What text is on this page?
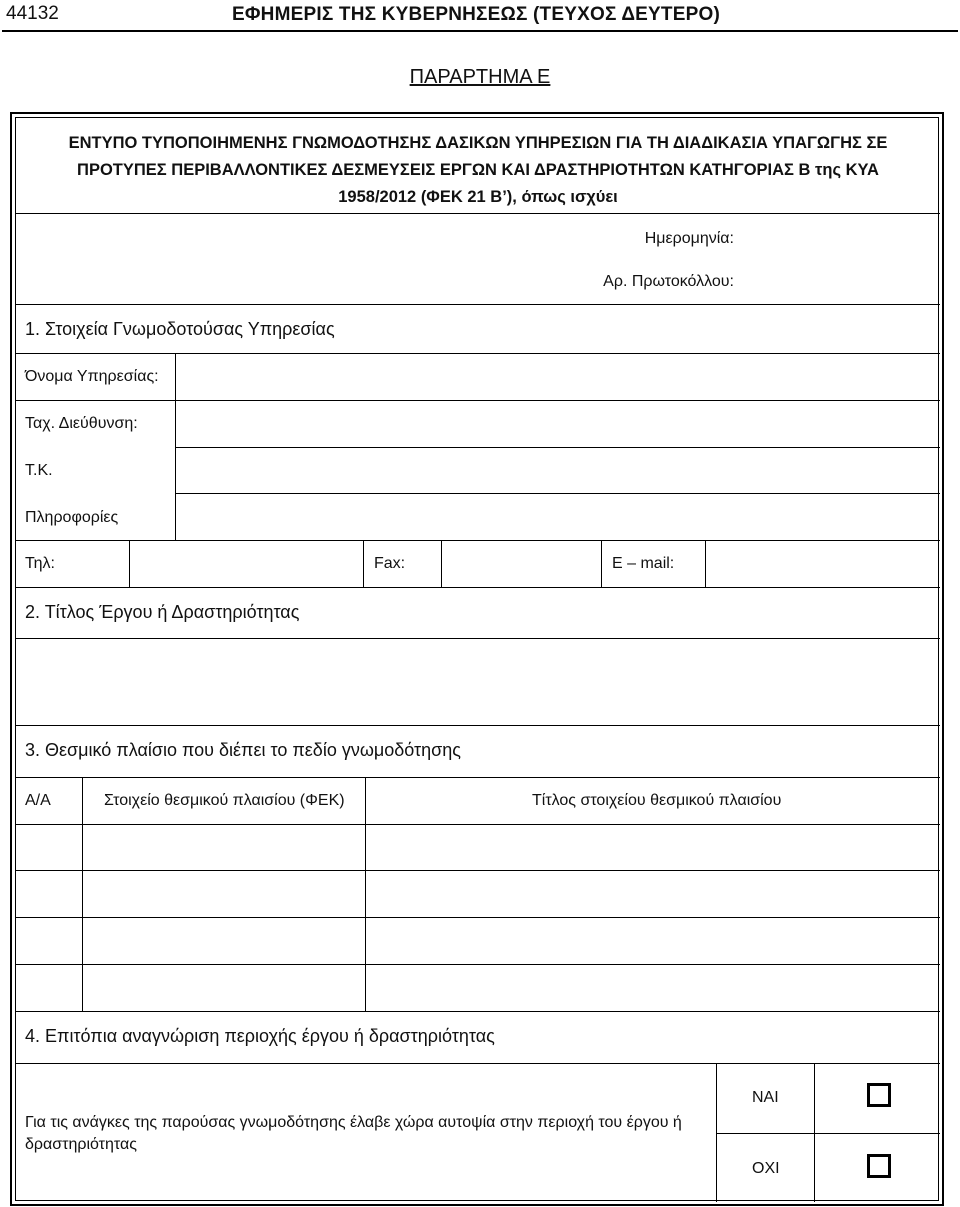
44132	ΕΦΗΜΕΡΙΣ ΤΗΣ ΚΥΒΕΡΝΗΣΕΩΣ (ΤΕΥΧΟΣ ΔΕΥΤΕΡΟ)
ΠΑΡΑΡΤΗΜΑ Ε
ΕΝΤΥΠΟ ΤΥΠΟΠΟΙΗΜΕΝΗΣ ΓΝΩΜΟΔΟΤΗΣΗΣ ΔΑΣΙΚΩΝ ΥΠΗΡΕΣΙΩΝ ΓΙΑ ΤΗ ΔΙΑΔΙΚΑΣΙΑ ΥΠΑΓΩΓΗΣ ΣΕ
ΠΡΟΤΥΠΕΣ ΠΕΡΙΒΑΛΛΟΝΤΙΚΕΣ ΔΕΣΜΕΥΣΕΙΣ ΕΡΓΩΝ ΚΑΙ ΔΡΑΣΤΗΡΙΟΤΗΤΩΝ ΚΑΤΗΓΟΡΙΑΣ Β της ΚΥΑ
1958/2012 (ΦΕΚ 21 Β’), όπως ισχύει
Ημερομηνία:
Αρ. Πρωτοκόλλου:
1. Στοιχεία Γνωμοδοτούσας Υπηρεσίας
Όνομα Υπηρεσίας:
Ταχ. Διεύθυνση:
Τ.Κ.
Πληροφορίες
Τηλ:	Fax:	Ε – mail:
2. Τίτλος Έργου ή Δραστηριότητας
3. Θεσμικό πλαίσιο που διέπει το πεδίο γνωμοδότησης
Α/Α	Στοιχείο θεσμικού πλαισίου (ΦΕΚ)	Τίτλος στοιχείου θεσμικού πλαισίου
4. Επιτόπια αναγνώριση περιοχής έργου ή δραστηριότητας
Για τις ανάγκες της παρούσας γνωμοδότησης έλαβε χώρα αυτοψία στην περιοχή του έργου ή δραστηριότητας
ΝΑΙ
ΟΧΙ
